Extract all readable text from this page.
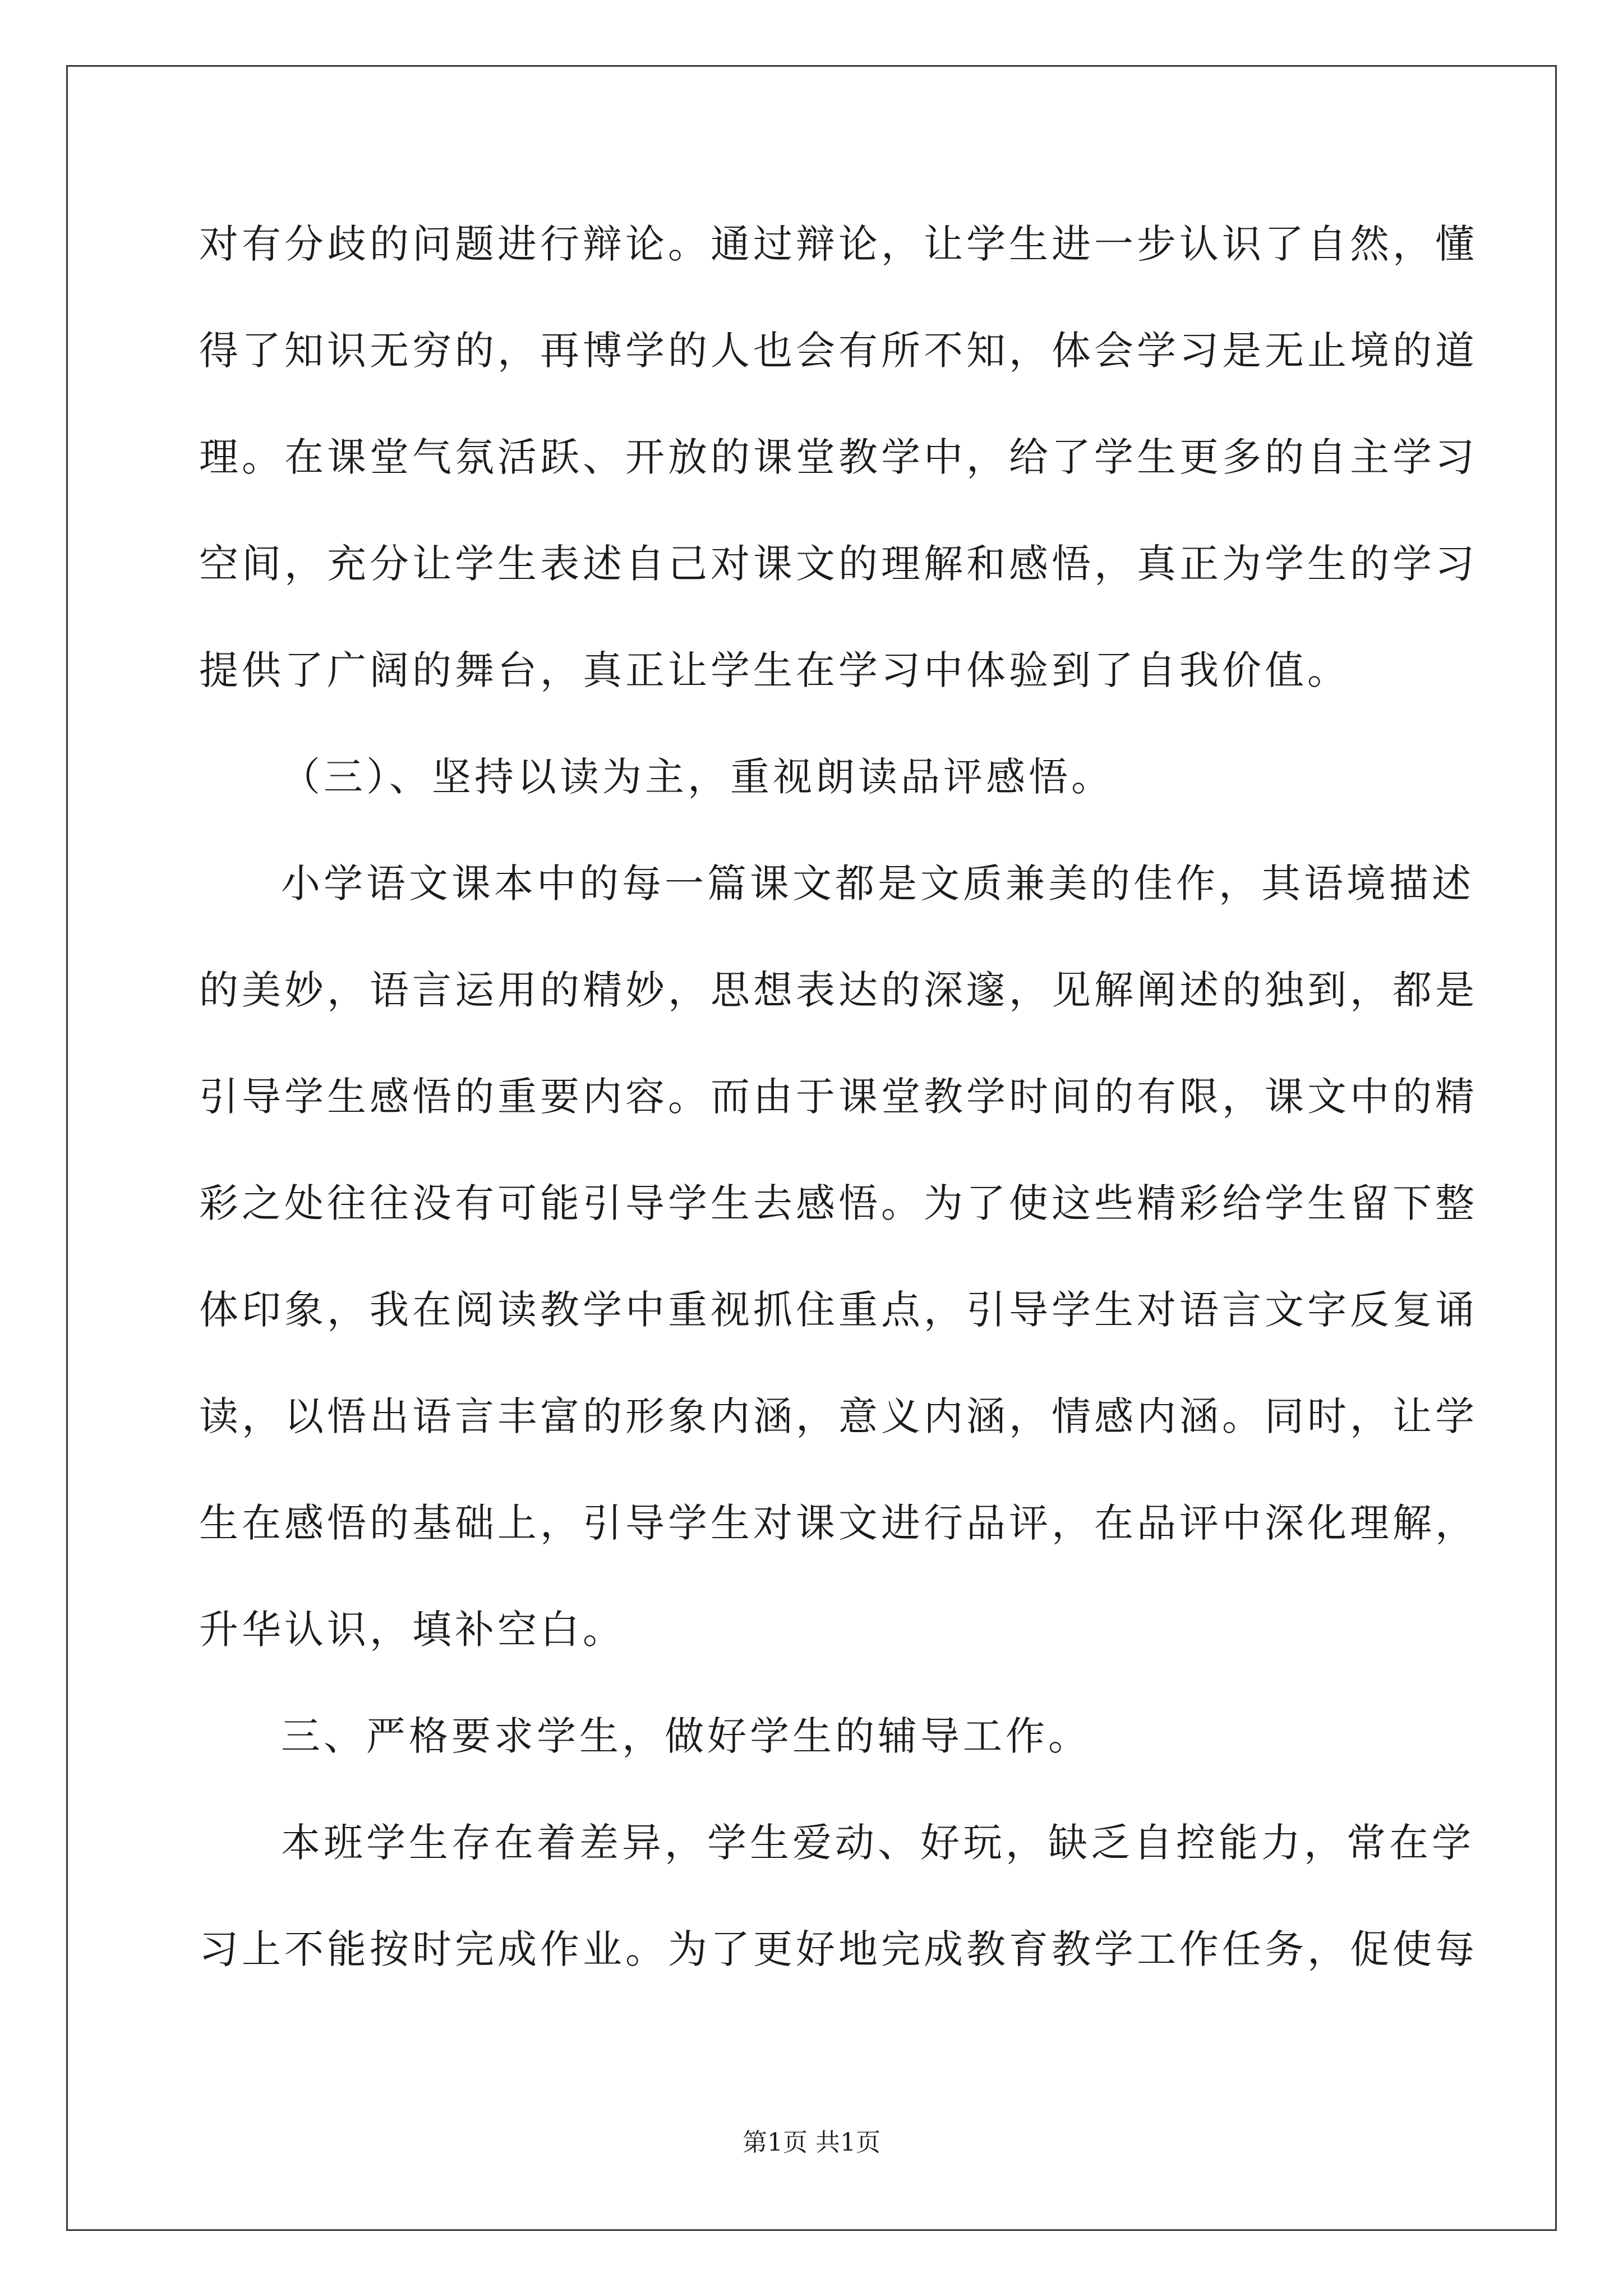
对有分歧的问题进行辩论。通过辩论，让学生进一步认识了自然，懂
得了知识无穷的，再博学的人也会有所不知，体会学习是无止境的道
理。在课堂气氛活跃、开放的课堂教学中，给了学生更多的自主学习
空间，充分让学生表述自己对课文的理解和感悟，真正为学生的学习
提供了广阔的舞台，真正让学生在学习中体验到了自我价值。
（三）、坚持以读为主，重视朗读品评感悟。
小学语文课本中的每一篇课文都是文质兼美的佳作，其语境描述
的美妙，语言运用的精妙，思想表达的深邃，见解阐述的独到，都是
引导学生感悟的重要内容。而由于课堂教学时间的有限，课文中的精
彩之处往往没有可能引导学生去感悟。为了使这些精彩给学生留下整
体印象，我在阅读教学中重视抓住重点，引导学生对语言文字反复诵
读，以悟出语言丰富的形象内涵，意义内涵，情感内涵。同时，让学
生在感悟的基础上，引导学生对课文进行品评，在品评中深化理解，
升华认识，填补空白。
三、严格要求学生，做好学生的辅导工作。
本班学生存在着差异，学生爱动、好玩，缺乏自控能力，常在学
习上不能按时完成作业。为了更好地完成教育教学工作任务，促使每
第1页 共1页
